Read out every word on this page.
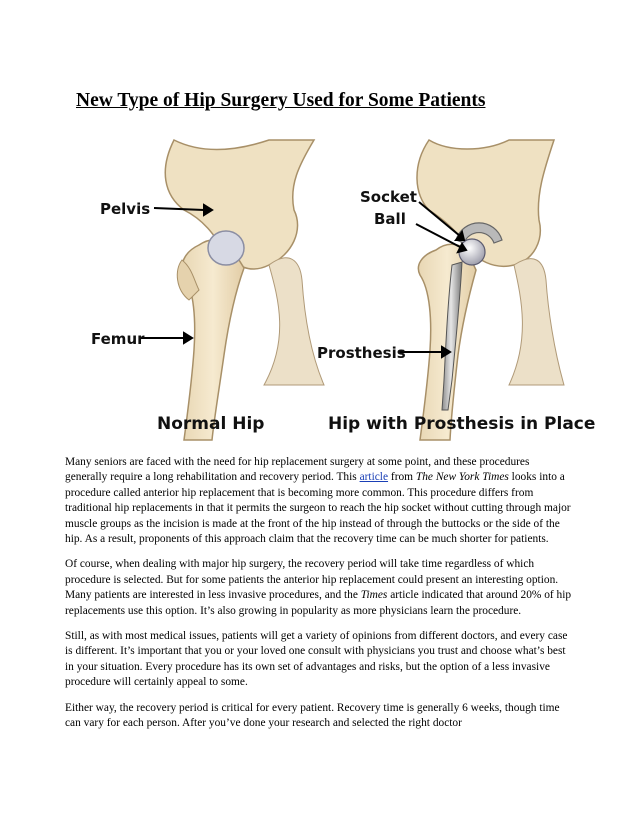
New Type of Hip Surgery Used for Some Patients
Pelvis
Femur
Socket
Ball
Prosthesis
Normal Hip	Hip with Prosthesis in Place

Many seniors are faced with the need for hip replacement surgery at some point, and these procedures generally require a long rehabilitation and recovery period. This article from The New York Times looks into a procedure called anterior hip replacement that is becoming more common. This procedure differs from traditional hip replacements in that it permits the surgeon to reach the hip socket without cutting through major muscle groups as the incision is made at the front of the hip instead of through the buttocks or the side of the hip. As a result, proponents of this approach claim that the recovery time can be much shorter for patients.

Of course, when dealing with major hip surgery, the recovery period will take time regardless of which procedure is selected. But for some patients the anterior hip replacement could present an interesting option. Many patients are interested in less invasive procedures, and the Times article indicated that around 20% of hip replacements use this option. It’s also growing in popularity as more physicians learn the procedure.

Still, as with most medical issues, patients will get a variety of opinions from different doctors, and every case is different. It’s important that you or your loved one consult with physicians you trust and choose what’s best in your situation. Every procedure has its own set of advantages and risks, but the option of a less invasive procedure will certainly appeal to some.

Either way, the recovery period is critical for every patient. Recovery time is generally 6 weeks, though time can vary for each person. After you’ve done your research and selected the right doctor
